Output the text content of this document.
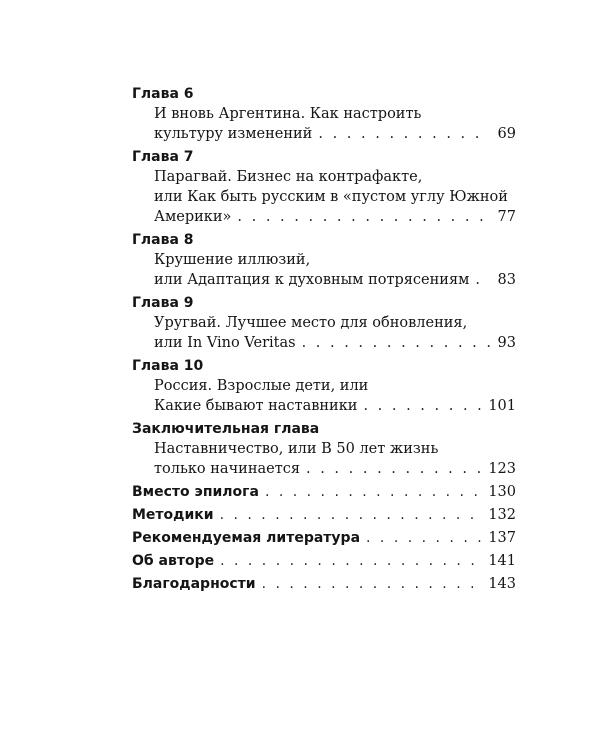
Глава 6
И вновь Аргентина. Как настроить
культуру изменений . . .	69
Глава 7
Парагвай. Бизнес на контрафакте,
или Как быть русским в «пустом углу Южной
Америки» . . .	77
Глава 8
Крушение иллюзий,
или Адаптация к духовным потрясениям . . . 83
Глава 9
Уругвай. Лучшее место для обновления,
или In Vino Veritas . . .	93
Глава 10
Россия. Взрослые дети, или
Какие бывают наставники . . .	101
Заключительная глава
Наставничество, или В 50 лет жизнь
только начинается . . .	123
Вместо эпилога . . .	130
Методики . . .	132
Рекомендуемая литература . . .	137
Об авторе . . .	141
Благодарности . . .	143
